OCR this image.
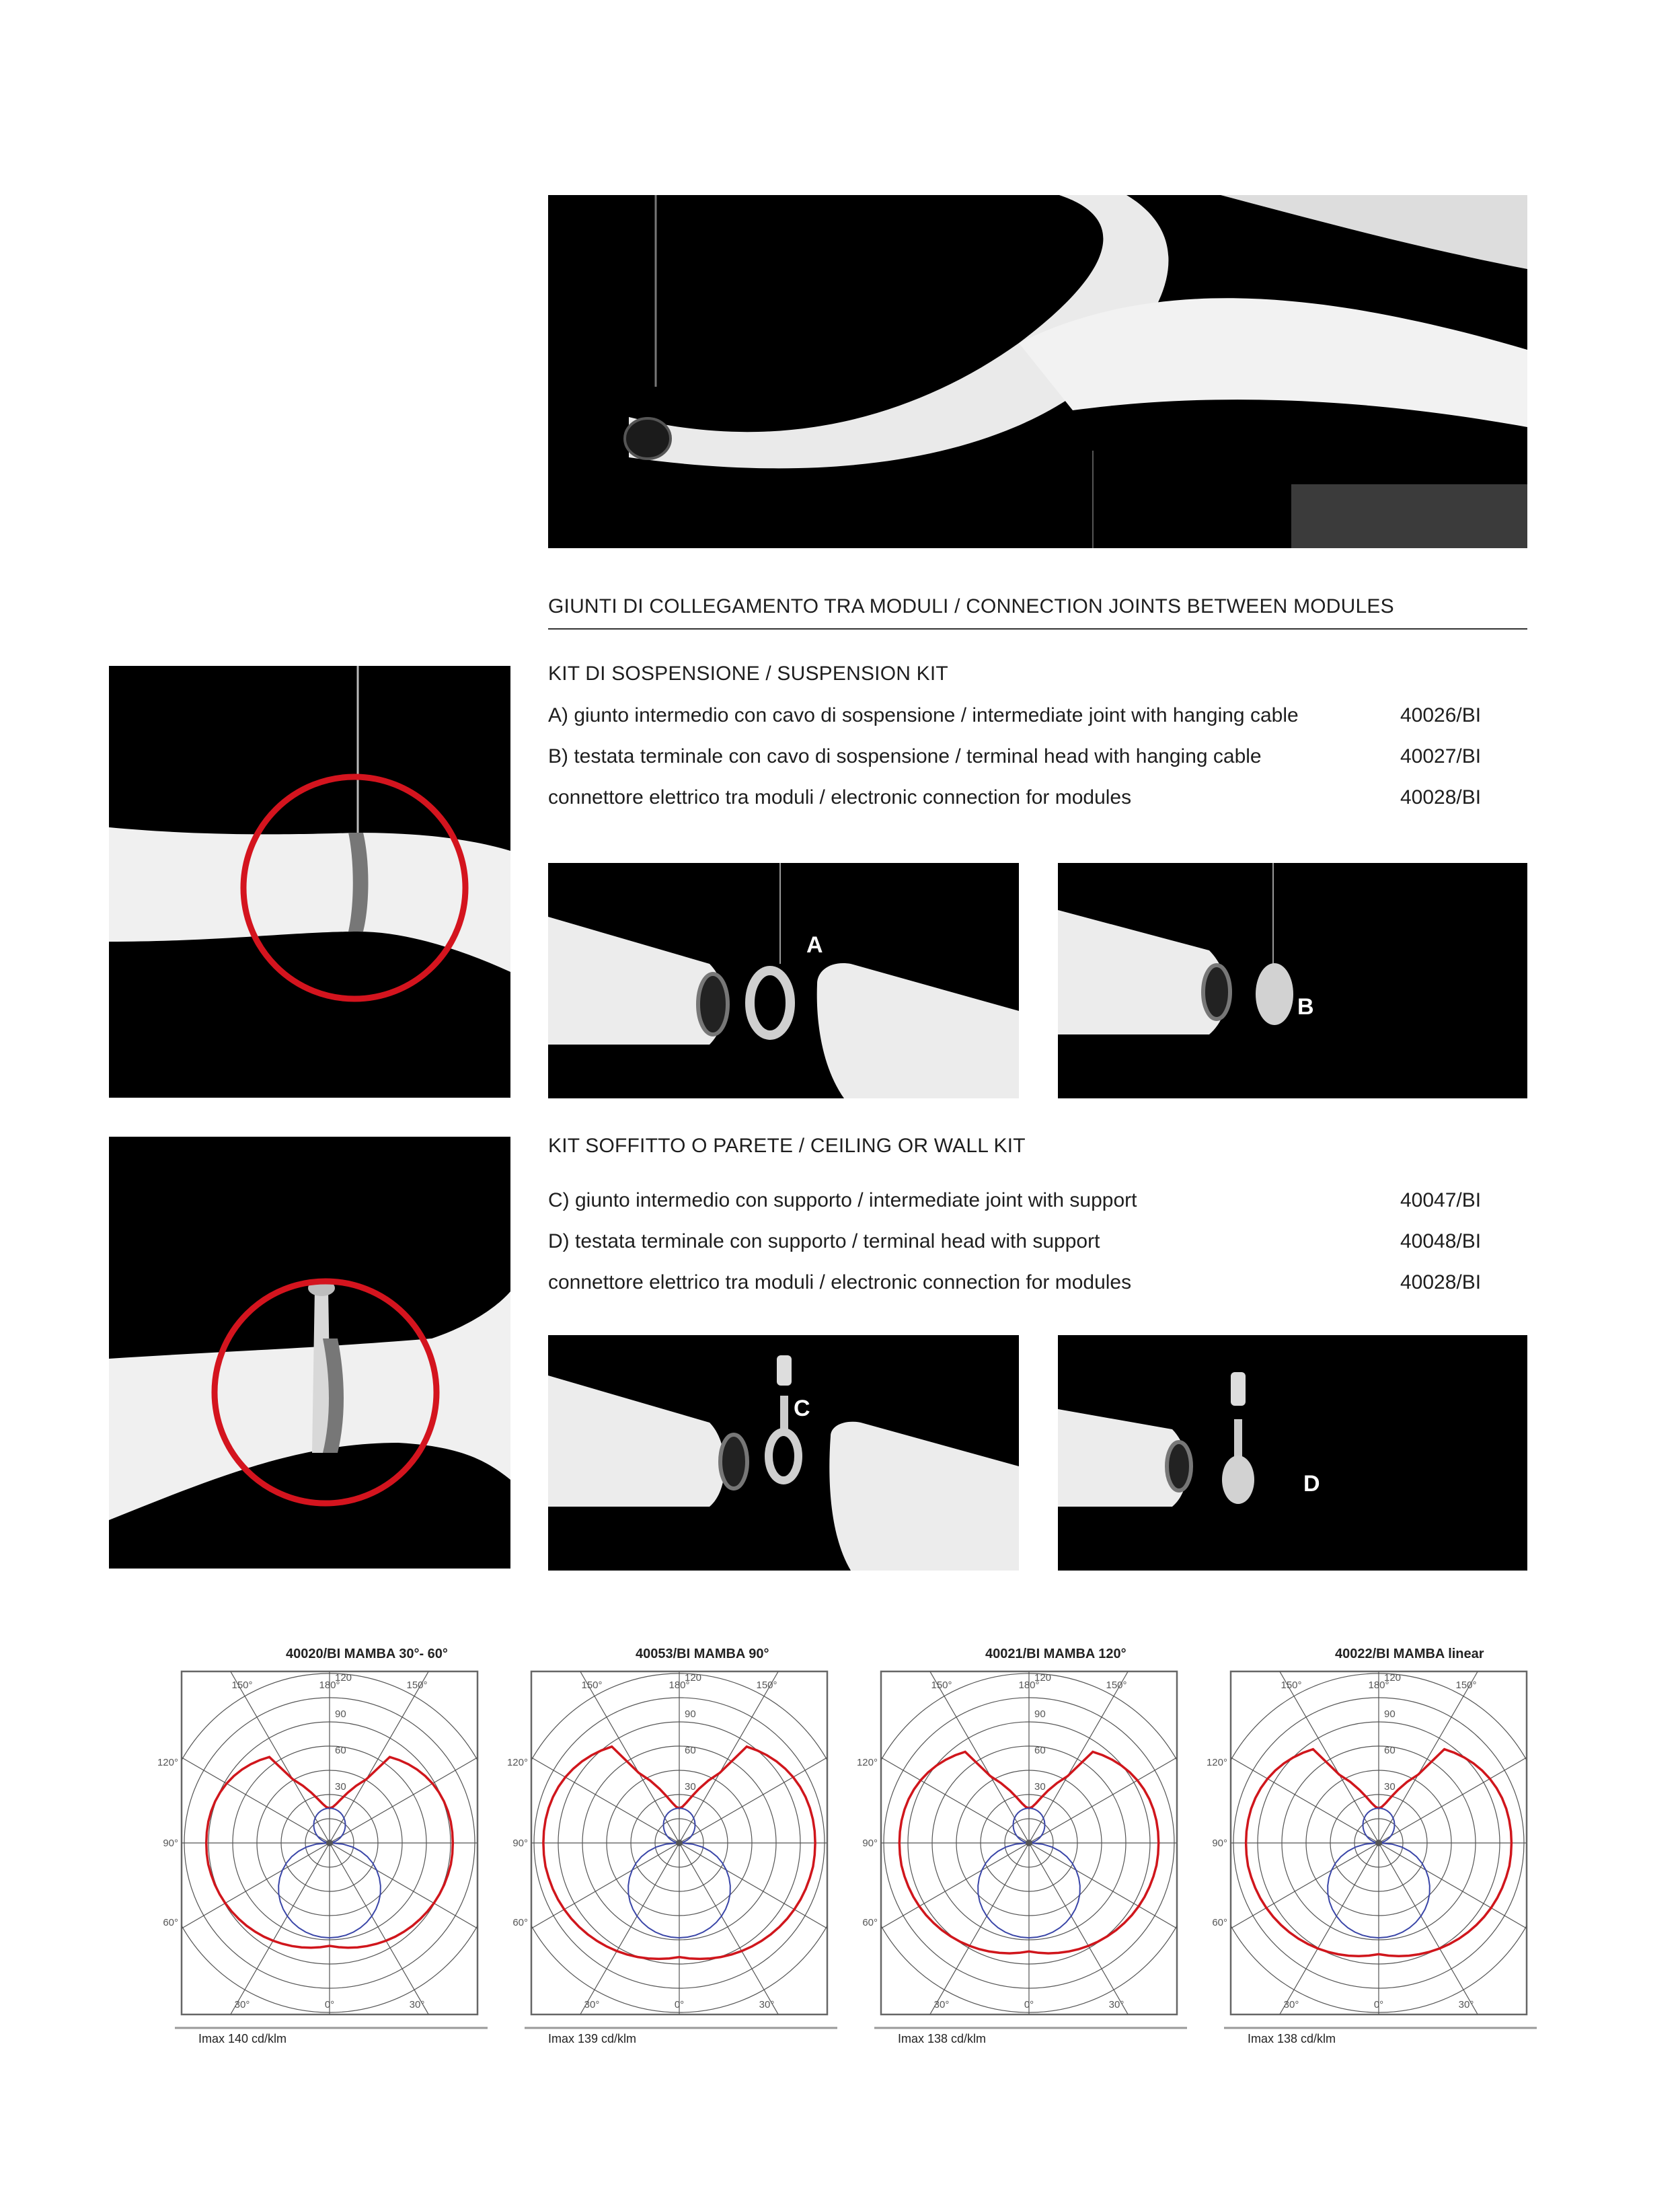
GIUNTI DI COLLEGAMENTO TRA MODULI / CONNECTION JOINTS BETWEEN MODULES
KIT DI SOSPENSIONE / SUSPENSION KIT
A) giunto intermedio con cavo di sospensione / intermediate joint with hanging cable	40026/BI
B) testata terminale con cavo di sospensione / terminal head with hanging cable	40027/BI
connettore elettrico tra moduli / electronic connection for modules	40028/BI
A
B
KIT SOFFITTO O PARETE / CEILING OR WALL KIT
C) giunto intermedio con supporto / intermediate joint with support	40047/BI
D) testata terminale con supporto / terminal head with support	40048/BI
connettore elettrico tra moduli / electronic connection for modules	40028/BI
C
D
150°	180°	150°
120°
90°
60°
30°	0°	30°
120
90
60
30
40020/BI MAMBA 30°- 60°
Imax 140 cd/klm
150°	180°	150°
120°
90°
60°
30°	0°	30°
120
90
60
30
40053/BI MAMBA 90°
Imax 139 cd/klm
150°	180°	150°
120°
90°
60°
30°	0°	30°
120
90
60
30
40021/BI MAMBA 120°
Imax 138 cd/klm
150°	180°	150°
120°
90°
60°
30°	0°	30°
120
90
60
30
40022/BI MAMBA linear
Imax 138 cd/klm
